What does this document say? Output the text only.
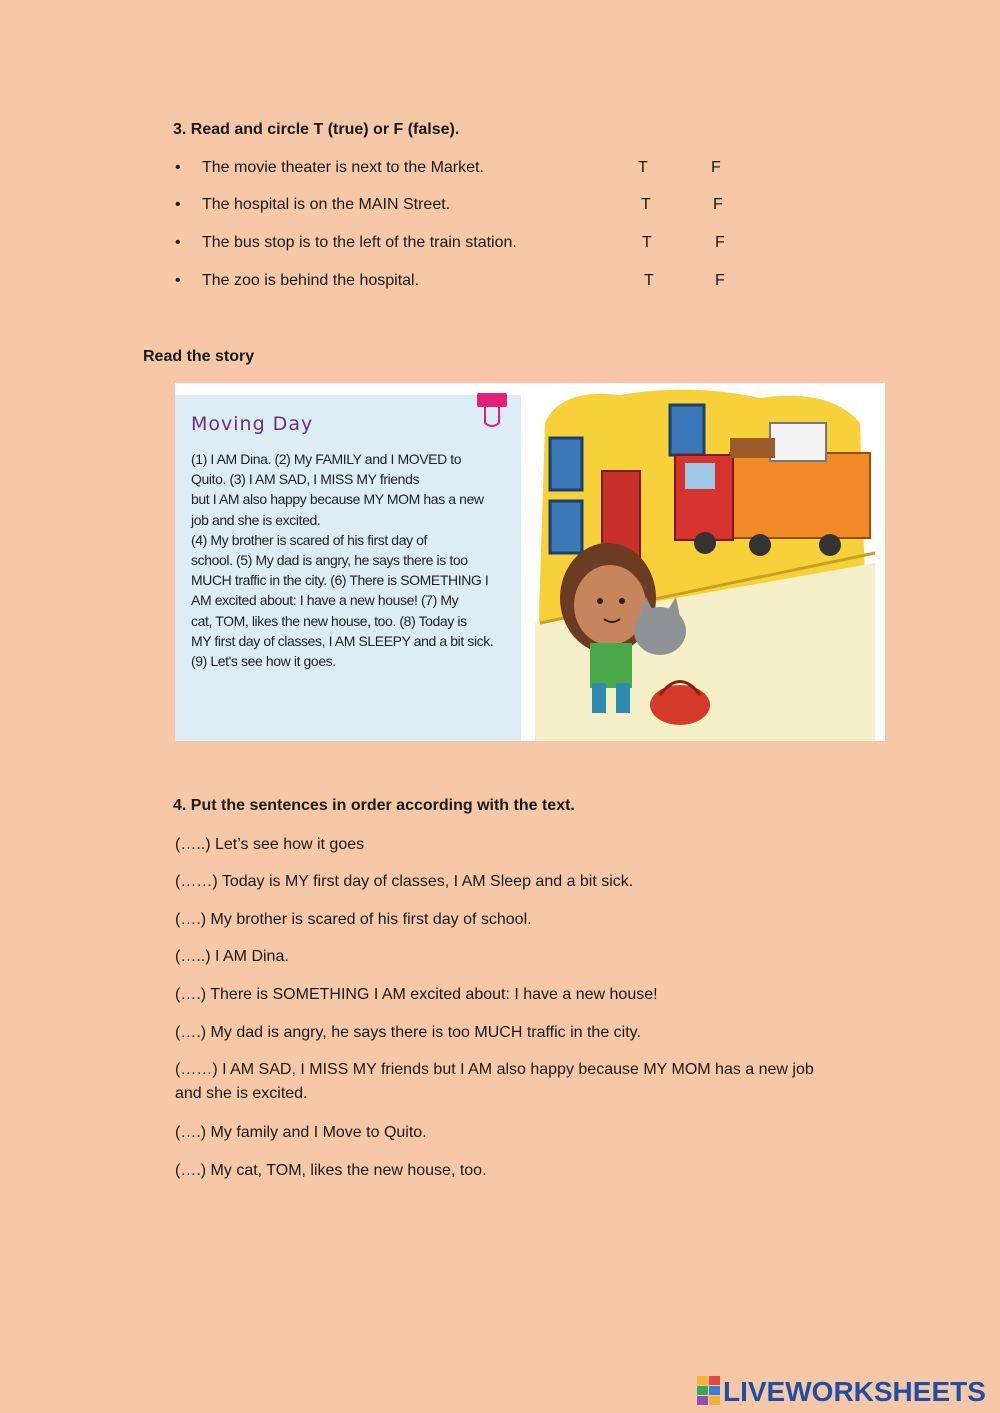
3. Read and circle T (true) or F (false).
• The movie theater is next to the Market.	T	F
• The hospital is on the MAIN Street.	T	F
• The bus stop is to the left of the train station.	T	F
• The zoo is behind the hospital.	T	F
Read the story
Moving Day
(1) I AM Dina. (2) My FAMILY and I MOVED to
Quito. (3) I AM SAD, I MISS MY friends
but I AM also happy because MY MOM has a new
job and she is excited.
(4) My brother is scared of his first day of
school. (5) My dad is angry, he says there is too
MUCH traffic in the city. (6) There is SOMETHING I
AM excited about: I have a new house! (7) My
cat, TOM, likes the new house, too. (8) Today is
MY first day of classes, I AM SLEEPY and a bit sick.
(9) Let's see how it goes.
4. Put the sentences in order according with the text.
(…..) Let’s see how it goes
(……) Today is MY first day of classes, I AM Sleep and a bit sick.
(….) My brother is scared of his first day of school.
(…..) I AM Dina.
(….) There is SOMETHING I AM excited about: I have a new house!
(….) My dad is angry, he says there is too MUCH traffic in the city.
(……) I AM SAD, I MISS MY friends but I AM also happy because MY MOM has a new job
and she is excited.
(….) My family and I Move to Quito.
(….) My cat, TOM, likes the new house, too.
LIVEWORKSHEETS
